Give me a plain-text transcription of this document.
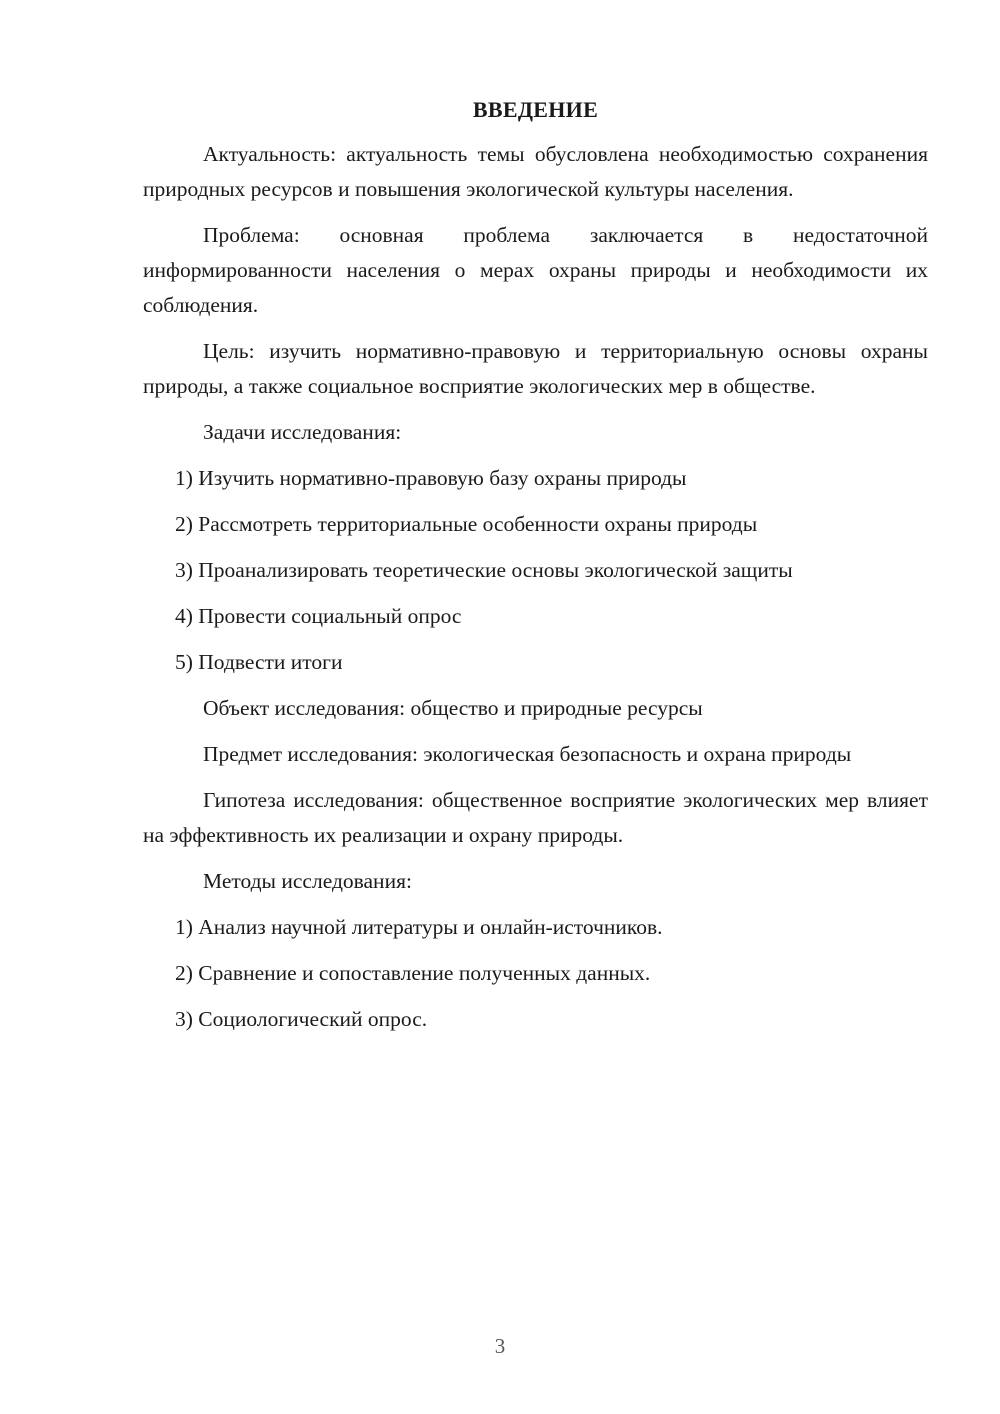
ВВЕДЕНИЕ

Актуальность: актуальность темы обусловлена необходимостью сохранения природных ресурсов и повышения экологической культуры населения.

Проблема: основная проблема заключается в недостаточной информированности населения о мерах охраны природы и необходимости их соблюдения.

Цель: изучить нормативно-правовую и территориальную основы охраны природы, а также социальное восприятие экологических мер в обществе.

Задачи исследования:

1) Изучить нормативно-правовую базу охраны природы

2) Рассмотреть территориальные особенности охраны природы

3) Проанализировать теоретические основы экологической защиты

4) Провести социальный опрос

5) Подвести итоги

Объект исследования: общество и природные ресурсы

Предмет исследования: экологическая безопасность и охрана природы

Гипотеза исследования: общественное восприятие экологических мер влияет на эффективность их реализации и охрану природы.

Методы исследования:

1) Анализ научной литературы и онлайн-источников.

2) Сравнение и сопоставление полученных данных.

3) Социологический опрос.

3
